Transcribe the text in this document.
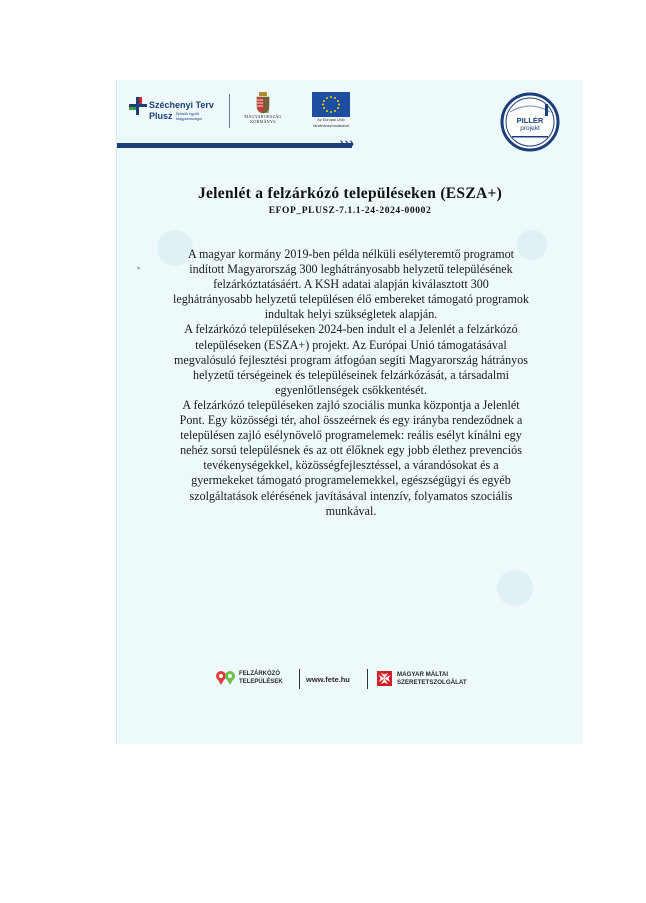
Széchenyi Terv
Plusz Építsük együtt Magyarországot	MAGYARORSZÁG
KORMÁNYA	Az Európai Unió
társfinanszírozásával
PILLÉR
projekt
❯❯❯
Jelenlét a felzárkózó településeken (ESZA+)
EFOP_PLUSZ-7.1.1-24-2024-00002

A magyar kormány 2019-ben példa nélküli esélyteremtő programot indított Magyarország 300 leghátrányosabb helyzetű településének felzárkóztatásáért. A KSH adatai alapján kiválasztott 300 leghátrányosabb helyzetű településen élő embereket támogató programok indultak helyi szükségletek alapján.

A felzárkózó településeken 2024-ben indult el a Jelenlét a felzárkózó településeken (ESZA+) projekt. Az Európai Unió támogatásával megvalósuló fejlesztési program átfogóan segíti Magyarország hátrányos helyzetű térségeinek és településeinek felzárkózását, a társadalmi egyenlőtlenségek csökkentését.

A felzárkózó településeken zajló szociális munka központja a Jelenlét Pont. Egy közösségi tér, ahol összeérnek és egy irányba rendeződnek a településen zajló esélynövelő programelemek: reális esélyt kínálni egy nehéz sorsú településnek és az ott élőknek egy jobb élethez prevenciós tevékenységekkel, közösségfejlesztéssel, a várandósokat és a gyermekeket támogató programelemekkel, egészségügyi és egyéb szolgáltatások elérésének javításával intenzív, folyamatos szociális munkával.

FELZÁRKÓZÓ
TELEPÜLÉSEK	www.fete.hu
MAGYAR MÁLTAI
SZERETETSZOLGÁLAT
